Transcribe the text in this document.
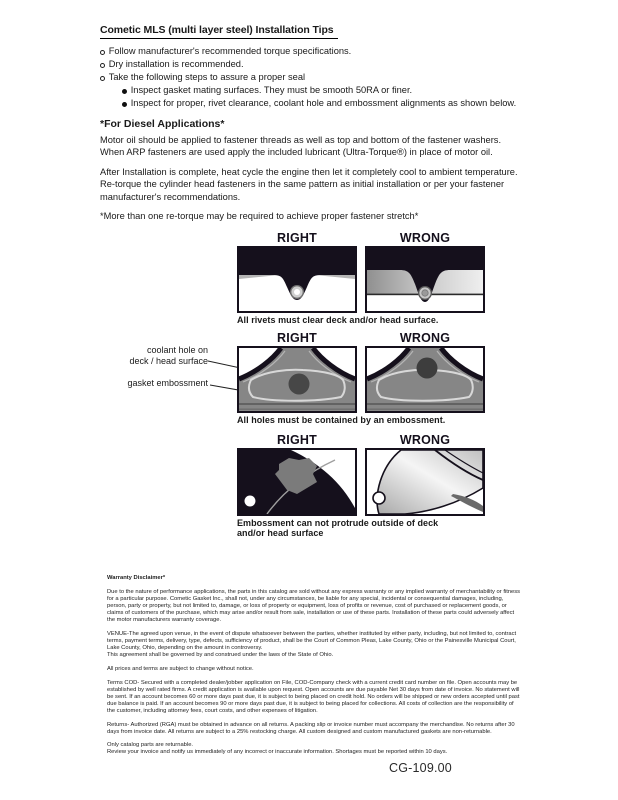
Cometic MLS (multi layer steel) Installation Tips
Follow manufacturer's recommended torque specifications.
Dry installation is recommended.
Take the following steps to assure a proper seal
Inspect gasket mating surfaces. They must be smooth 50RA or finer.
Inspect for proper, rivet clearance, coolant hole and embossment alignments as shown below.
*For Diesel Applications*

Motor oil should be applied to fastener threads as well as top and bottom of the fastener washers. When ARP fasteners are used apply the included lubricant (Ultra-Torque®) in place of motor oil.

After Installation is complete, heat cycle the engine then let it completely cool to ambient temperature. Re-torque the cylinder head fasteners in the same pattern as initial installation or per your fastener manufacturer's recommendations.

*More than one re-torque may be required to achieve proper fastener stretch*

RIGHT	WRONG
All rivets must clear deck and/or head surface.
coolant hole on
deck / head surface
gasket embossment
RIGHT	WRONG
All holes must be contained by an embossment.
RIGHT	WRONG
Embossment can not protrude outside of deck
and/or head surface
Warranty Disclaimer*

Due to the nature of performance applications, the parts in this catalog are sold without any express warranty or any implied warranty of merchantability or fitness for a particular purpose. Cometic Gasket Inc., shall not, under any circumstances, be liable for any special, incidental or consequential damages, including, person, party or property, but not limited to, damage, or loss of property or equipment, loss of profits or revenue, cost of purchased or replacement goods, or claims of customers of the purchase, which may arise and/or result from sale, installation or use of these parts. Installation of these parts could adversely affect the motor manufacturers warranty coverage.

VENUE-The agreed upon venue, in the event of dispute whatsoever between the parties, whether instituted by either party, including, but not limited to, contract terms, payment terms, delivery, type, defects, sufficiency of product, shall be the Court of Common Pleas, Lake County, Ohio or the Painesville Municipal Court, Lake County, Ohio, depending on the amount in controversy.

This agreement shall be governed by and construed under the laws of the State of Ohio.

All prices and terms are subject to change without notice.

Terms COD- Secured with a completed dealer/jobber application on File, COD-Company check with a current credit card number on file. Open accounts may be established by well rated firms. A credit application is available upon request. Open accounts are due payable Net 30 days from date of invoice. No statement will be sent. If an account becomes 60 or more days past due, it is subject to being placed on credit hold. No orders will be shipped or new orders accepted until past due balance is paid. If an account becomes 90 or more days past due, it is subject to being placed for collections. All costs of collection are the responsibility of the customer, including attorney fees, court costs, and other expenses of litigation.

Returns- Authorized (RGA) must be obtained in advance on all returns. A packing slip or invoice number must accompany the merchandise. No returns after 30 days from invoice date. All returns are subject to a 25% restocking charge. All custom designed and custom manufactured gaskets are non-returnable.

Only catalog parts are returnable.

Review your invoice and notify us immediately of any incorrect or inaccurate information. Shortages must be reported within 10 days.

CG-109.00
